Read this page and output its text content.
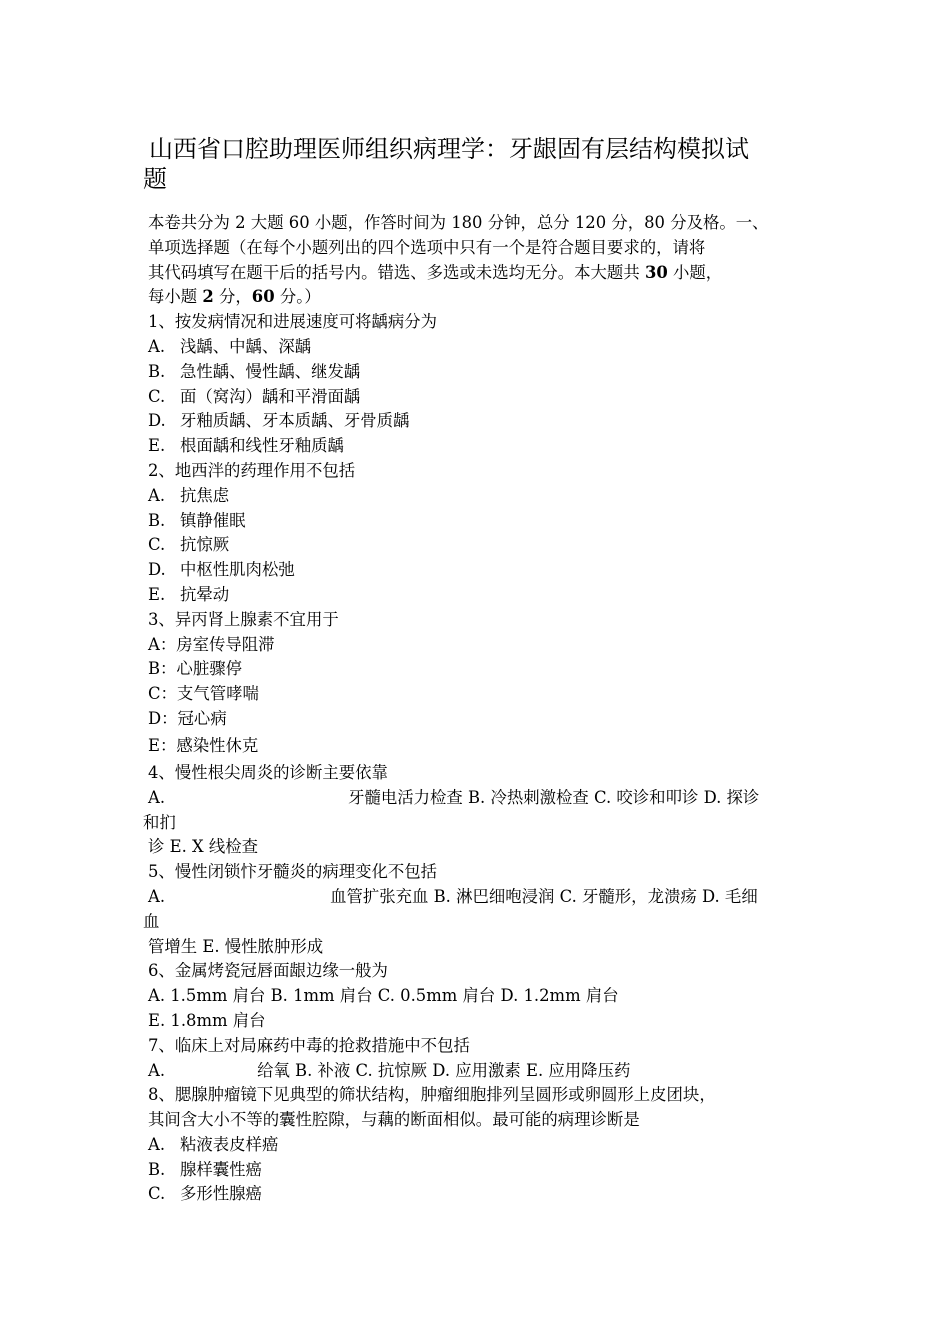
山西省口腔助理医师组织病理学：牙龈固有层结构模拟试
题
本卷共分为 2 大题 60 小题，作答时间为 180 分钟，总分 120 分，80 分及格。一、
单项选择题（在每个小题列出的四个选项中只有一个是符合题目要求的，请将
其代码填写在题干后的括号内。错选、多选或未选均无分。本大题共 30 小题，
每小题 2 分，60 分。）
1、按发病情况和进展速度可将龋病分为
A. 浅龋、中龋、深龋
B. 急性龋、慢性龋、继发龋
C. 面（窝沟）龋和平滑面龋
D. 牙釉质龋、牙本质龋、牙骨质龋
E. 根面龋和线性牙釉质龋
2、地西泮的药理作用不包括
A. 抗焦虑
B. 镇静催眠
C. 抗惊厥
D. 中枢性肌肉松弛
E. 抗晕动
3、异丙肾上腺素不宜用于
A：房室传导阻滞
B：心脏骤停
C：支气管哮喘
D：冠心病
E：感染性休克
4、慢性根尖周炎的诊断主要依靠
A.	牙髓电活力检查 B. 冷热刺激检查 C. 咬诊和叩诊 D. 探诊
和扪
诊 E. X 线检查
5、慢性闭锁忭牙髓炎的病理变化不包括
A.	血管扩张充血 B. 淋巴细咆浸润 C. 牙髓形，龙溃疡 D. 毛细
血
管增生 E. 慢性脓肿形成
6、金属烤瓷冠唇面龈边缘一般为
A. 1.5mm 肩台 B. 1mm 肩台 C. 0.5mm 肩台 D. 1.2mm 肩台
E. 1.8mm 肩台
7、临床上对局麻药中毒的抢救措施中不包括
A.	给氧 B. 补液 C. 抗惊厥 D. 应用激素 E. 应用降压药
8、腮腺肿瘤镜下见典型的筛状结构，肿瘤细胞排列呈圆形或卵圆形上皮团块，
其间含大小不等的囊性腔隙，与藕的断面相似。最可能的病理诊断是
A. 粘液表皮样癌
B. 腺样囊性癌
C. 多形性腺癌
